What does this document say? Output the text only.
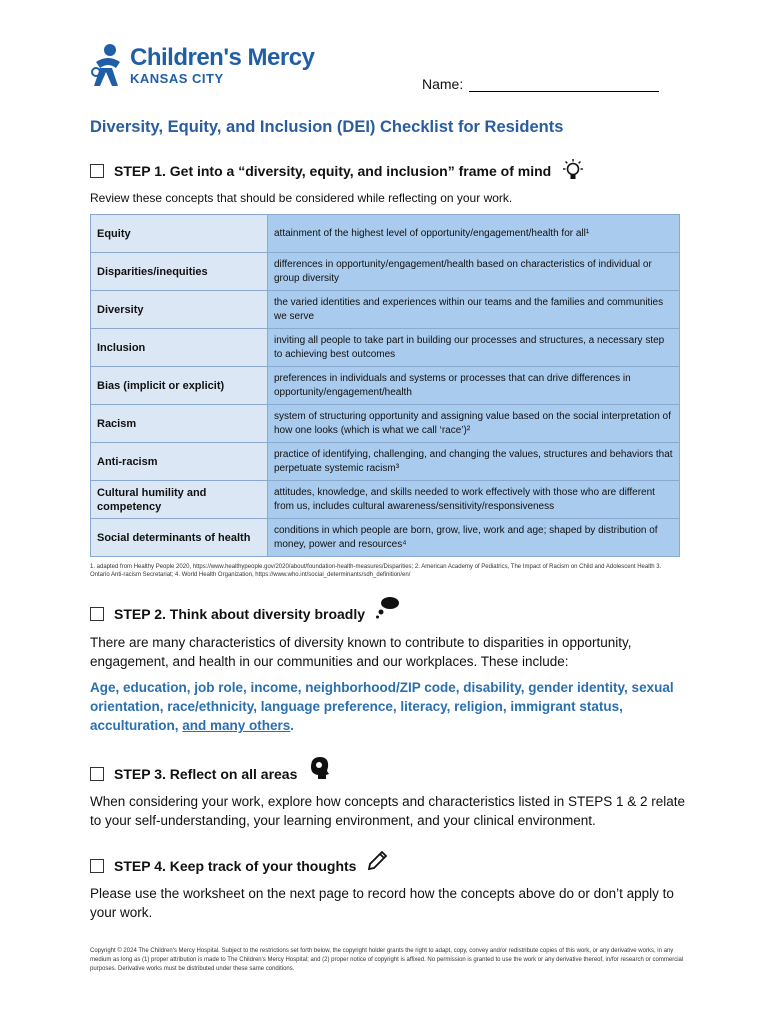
Children's Mercy
KANSAS CITY	Name:
Diversity, Equity, and Inclusion (DEI) Checklist for Residents
STEP 1. Get into a “diversity, equity, and inclusion” frame of mind
Review these concepts that should be considered while reflecting on your work.
Equity	attainment of the highest level of opportunity/engagement/health for all¹
Disparities/inequities	differences in opportunity/engagement/health based on characteristics of individual or group diversity
Diversity	the varied identities and experiences within our teams and the families and communities we serve
Inclusion	inviting all people to take part in building our processes and structures, a necessary step to achieving best outcomes
Bias (implicit or explicit)	preferences in individuals and systems or processes that can drive differences in opportunity/engagement/health
Racism	system of structuring opportunity and assigning value based on the social interpretation of how one looks (which is what we call ‘race’)²
Anti-racism	practice of identifying, challenging, and changing the values, structures and behaviors that perpetuate systemic racism³
Cultural humility and competency	attitudes, knowledge, and skills needed to work effectively with those who are different from us, includes cultural awareness/sensitivity/responsiveness
Social determinants of health	conditions in which people are born, grow, live, work and age; shaped by distribution of money, power and resources⁴
1. adapted from Healthy People 2020, https://www.healthypeople.gov/2020/about/foundation-health-measures/Disparities; 2. American Academy of Pediatrics, The Impact of Racism on Child and Adolescent Health 3. Ontario Anti-racism Secretariat; 4. World Health Organization, https://www.who.int/social_determinants/sdh_definition/en/
STEP 2. Think about diversity broadly
There are many characteristics of diversity known to contribute to disparities in opportunity, engagement, and health in our communities and our workplaces. These include:
Age, education, job role, income, neighborhood/ZIP code, disability, gender identity, sexual orientation, race/ethnicity, language preference, literacy, religion, immigrant status, acculturation, and many others.
STEP 3. Reflect on all areas
When considering your work, explore how concepts and characteristics listed in STEPS 1 & 2 relate to your self-understanding, your learning environment, and your clinical environment.
STEP 4. Keep track of your thoughts
Please use the worksheet on the next page to record how the concepts above do or don’t apply to your work.
Copyright © 2024 The Children's Mercy Hospital. Subject to the restrictions set forth below, the copyright holder grants the right to adapt, copy, convey and/or redistribute copies of this work, or any derivative works, in any medium as long as (1) proper attribution is made to The Children's Mercy Hospital; and (2) proper notice of copyright is affixed. No permission is granted to use the work or any derivative thereof, in/for research or commercial purposes. Derivative works must be distributed under these same conditions.
